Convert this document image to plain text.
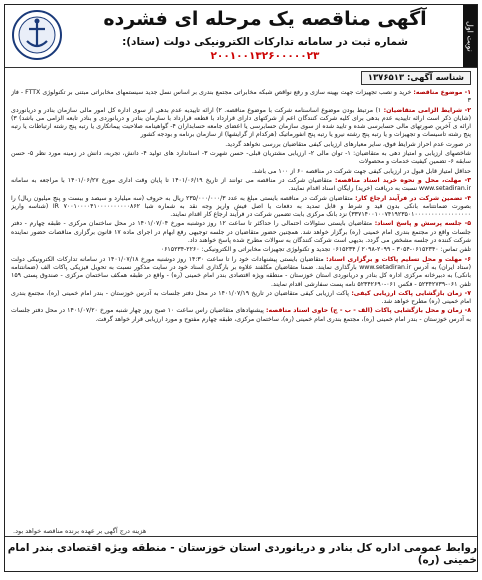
نوبت اول
آگهی مناقصه یک مرحله ای فشرده
شماره ثبت در سامانه تدارکات الکترونیکی دولت (ستاد): ۲۰۰۱۰۰۱۳۲۶۰۰۰۰۰۲۳
شناسه آگهی: ۱۳۷۶۵۱۳

۱- موضوع مناقصه: خرید و نصب تجهیزات جهت بهینه سازی و رفع نواقص شبکه مخابراتی مجتمع بندری بر اساس نسل جدید سیستمهای مخابراتی مبتنی بر تکنولوژی FTTX - فاز ۳

۲- شرایط الزامی متقاضیان: ۱) مرتبط بودن موضوع اساسنامه شرکت با موضوع مناقصه. ۲) ارائه تاییدیه عدم بدهی از سوی اداره کل امور مالی سازمان بنادر و دریانوردی (شایان ذکر است ارائه تاییدیه عدم بدهی برای کلیه شرکت کنندگان اعم از شرکتهای دارای قرارداد با قطعه قرارداد با سازمان بنادر و دریانوردی و بنادر تابعه الزامی می باشد) ۳) ارائه ی آخرین صورتهای مالی حسابرسی شده و تایید شده از سوی سازمان حسابرسی یا اعضای جامعه حسابداران ۴- گواهینامه صلاحیت پیمانکاری یا رتبه پنج رشته ارتباطات یا رتبه پنج رشته تاسیسات و تجهیزات و یا رتبه پنج رشته نیرو یا رتبه پنج انفورماتیک (هرکدام از گرایشها) از سازمان برنامه و بودجه کشور

در صورت عدم احراز شرایط فوق، سایر معیارهای ارزیابی کیفی متقاضیان بررسی نخواهد گردید.

شاخصهای ارزیابی و امتیاز دهی به متقاضیان: ۱- توان مالی ۲- ارزیابی مشتریان قبلی- حسن شهرت ۳- استاندارد های تولید ۴- دانش، تجربه، دانش در زمینه مورد نظر ۵- حسن سابقه ۶- تضمین کیفیت خدمات و محصولات

حداقل امتیاز قابل قبول در ارزیابی کیفی جهت شرکت در مناقصه ۶۰ از ۱۰۰ می باشد.

۳- مهلت، محل و نحوه خرید اسناد مناقصه: متقاضیان شرکت در مناقصه می توانند از تاریخ ۱۴۰۱/۰۶/۱۹ تا پایان وقت اداری مورخ ۱۴۰۱/۰۶/۲۷ با مراجعه به سامانه www.setadiran.ir نسبت به دریافت (خرید) رایگان اسناد اقدام نمایند.

۴- تضمین شرکت در فرآیند ارجاع کار: متقاضیان شرکت در مناقصه بایستی مبلغ به عدد ۲۳۵/۰۰۰/۰۰۰/۳ ریال به حروف (سه میلیارد و سیصد و بیست و پنج میلیون ریال) را بصورت ضمانتنامه بانکی بدون قید و شرط و قابل تمدید به دفعات یا اصل فیش واریز وجه نقد به شماره شبا IR ۷۰۰۱۰۰۰۰۴۱۰۰۰۰۰۰۰۰۰۰۸۶۲ (شناسه واریز ۳۳۷۱۴۰۰۱۰۰۷۴۱۹۲۳۵۰۱۰۰۰۰۰۰۰۰۰۰۰۰۰۰۰۰۰) نزد بانک مرکزی بابت تضمین شرکت در فرآیند ارجاع کار اقدام نمایند.

۵- جلسه پرسش و پاسخ اسناد: متقاضیان بایستی سئوالات احتمالی را حداکثر تا ساعت ۱۲ روز دوشنبه مورخ ۱۴۰۱/۰۷/۰۴ در محل ساختمان مرکزی - طبقه چهارم - دفتر جلسات واقع در مجتمع بندری امام خمینی (ره) برگزار خواهد شد. همچنین حضور متقاضیان در جلسه توجیهی رفع ابهام در اجرای ماده ۱۷ قانون برگزاری مناقصات حضور نماینده شرکت کننده در جلسه مشخص می گردد. بدیهی است شرکت کنندگان به سوالات مطرح شده پاسخ خواهند داد.

تلفن تماس: ۰۶۱۵۲۳۴۰-۳۰۵۴ - ۲۰۹۹-۲۰۹۸ / ۰۶۱۵۲۳۴ تجدید و تکنولوژی تجهیزات مخابراتی و الکترونیکی: ۲۲۶۰-۰۶۱۵۲۳۴

۶- مهلت و محل تسلیم پاکات و برگزاری اسناد: متقاضیان بایستی پیشنهادات خود را تا ساعت ۱۴:۳۰ روز دوشنبه مورخ ۱۴۰۱/۰۷/۱۸ در سامانه تدارکات الکترونیکی دولت (ستاد ایران) به آدرس www.setadiran.ir بارگذاری نمایند. ضمنا متقاضیان مکلفند علاوه بر بارگذاری اسناد خود در سایت مذکور نسبت به تحویل فیزیکی پاکات الف (ضمانتنامه بانکی) به دبیرخانه مرکزی اداره کل بنادر و دریانوردی استان خوزستان - منطقه ویژه اقتصادی بندر امام خمینی (ره) - واقع در طبقه همکف ساختمان مرکزی - صندوق پستی ۱۵۹ تلفن ۰۶۱-۵۲۳۴۲۷۳۹ - فکس ۰۶۱-۵۲۳۴۲۶۹۰ نامه پست سفارشی اقدام نمایند.

۷- زمان بازگشایی پاکت ارزیابی کیفی: پاکت ارزیابی کیفی متقاضیان در تاریخ ۱۴۰۱/۰۷/۱۹ در محل دفتر جلسات به آدرس خوزستان - بندر امام خمینی (ره)، مجتمع بندری امام خمینی (ره) مطرح خواهد شد.

۸- زمان و محل بازگشایی پاکات (الف - ب - ج) حاوی اسناد مناقصه: پیشنهادهای متقاضیان راس ساعت ۱۰ صبح روز چهار شنبه مورخ ۱۴۰۱/۰۷/۲۰ در محل دفتر جلسات به آدرس خوزستان - بندر امام خمینی (ره)، مجتمع بندری امام خمینی (ره)، ساختمان مرکزی، طبقه چهارم مفتوح و مورد ارزیابی قرار خواهد گرفت.

هزینه درج آگهی بر عهده برنده مناقصه خواهد بود.
روابط عمومی اداره کل بنادر و دریانوردی استان خوزستان - منطقه ویژه اقتصادی بندر امام خمینی (ره)
